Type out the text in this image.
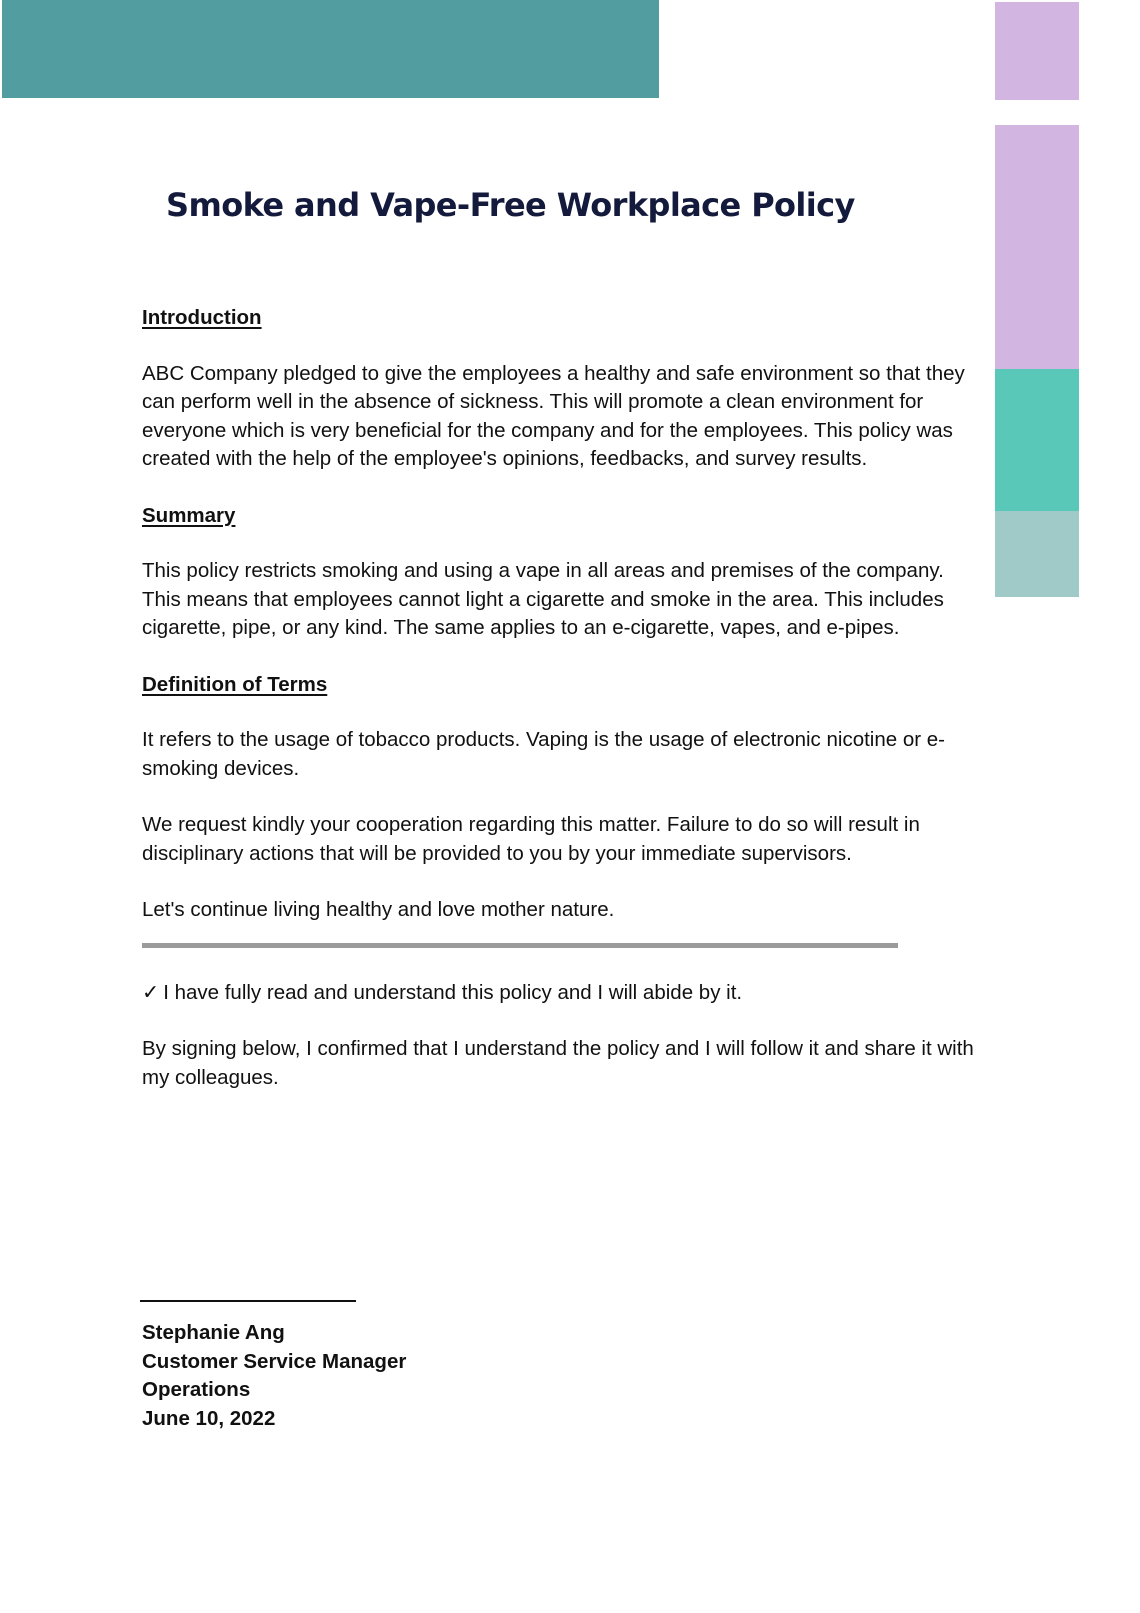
Smoke and Vape-Free Workplace Policy

Introduction

ABC Company pledged to give the employees a healthy and safe environment so that they can perform well in the absence of sickness. This will promote a clean environment for everyone which is very beneficial for the company and for the employees. This policy was created with the help of the employee's opinions, feedbacks, and survey results.

Summary

This policy restricts smoking and using a vape in all areas and premises of the company. This means that employees cannot light a cigarette and smoke in the area. This includes cigarette, pipe, or any kind. The same applies to an e-cigarette, vapes, and e-pipes.

Definition of Terms

It refers to the usage of tobacco products. Vaping is the usage of electronic nicotine or e-smoking devices.

We request kindly your cooperation regarding this matter. Failure to do so will result in disciplinary actions that will be provided to you by your immediate supervisors.

Let's continue living healthy and love mother nature.

✓ I have fully read and understand this policy and I will abide by it.

By signing below, I confirmed that I understand the policy and I will follow it and share it with my colleagues.

Stephanie Ang
Customer Service Manager
Operations
June 10, 2022
